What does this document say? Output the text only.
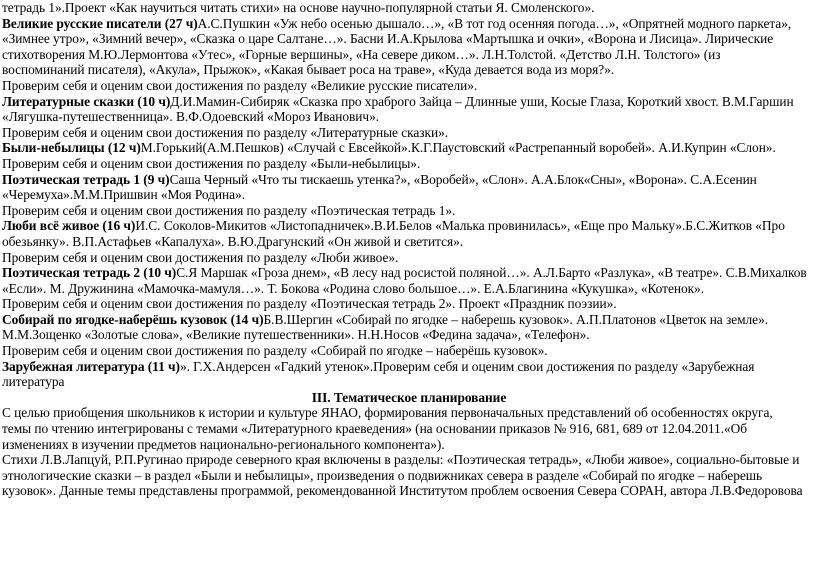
тетрадь 1».Проект «Как научиться читать стихи» на основе научно-популярной статьи Я. Смоленского».
Великие русские писатели (27 ч)А.С.Пушкин «Уж небо осенью дышало…», «В тот год осенняя погода…», «Опрятней модного паркета»,
«Зимнее утро», «Зимний вечер», «Сказка о царе Салтане…». Басни И.А.Крылова «Мартышка и очки», «Ворона и Лисица». Лирические
стихотворения М.Ю.Лермонтова «Утес», «Горные вершины», «На севере диком…». Л.Н.Толстой. «Детство Л.Н. Толстого» (из
воспоминаний писателя), «Акула», Прыжок», «Какая бывает роса на траве», «Куда девается вода из моря?».
Проверим себя и оценим свои достижения по разделу «Великие русские писатели».
Литературные сказки (10 ч)Д.И.Мамин-Сибиряк «Сказка про храброго Зайца – Длинные уши, Косые Глаза, Короткий хвост. В.М.Гаршин
«Лягушка-путешественница». В.Ф.Одоевский «Мороз Иванович».
Проверим себя и оценим свои достижения по разделу «Литературные сказки».
Были-небылицы (12 ч)М.Горький(А.М.Пешков) «Случай с Евсейкой».К.Г.Паустовский «Растрепанный воробей». А.И.Куприн «Слон».
Проверим себя и оценим свои достижения по разделу «Были-небылицы».
Поэтическая тетрадь 1 (9 ч)Саша Черный «Что ты тискаешь утенка?», «Воробей», «Слон». А.А.Блок«Сны», «Ворона». С.А.Есенин
«Черемуха».М.М.Пришвин «Моя Родина».
Проверим себя и оценим свои достижения по разделу «Поэтическая тетрадь 1».
Люби всё живое (16 ч)И.С. Соколов-Микитов «Листопадничек».В.И.Белов «Малька провинилась», «Еще про Мальку».Б.С.Житков «Про
обезьянку». В.П.Астафьев «Капалуха». В.Ю.Драгунский «Он живой и светится».
Проверим себя и оценим свои достижения по разделу «Люби живое».
Поэтическая тетрадь 2 (10 ч)С.Я Маршак «Гроза днем», «В лесу над росистой поляной…». А.Л.Барто «Разлука», «В театре». С.В.Михалков
«Если». М. Дружинина «Мамочка-мамуля…». Т. Бокова «Родина слово большое…». Е.А.Благинина «Кукушка», «Котенок».
Проверим себя и оценим свои достижения по разделу «Поэтическая тетрадь 2». Проект «Праздник поэзии».
Собирай по ягодке-наберёшь кузовок (14 ч)Б.В.Шергин «Собирай по ягодке – наберешь кузовок». А.П.Платонов «Цветок на земле».
М.М.Зощенко «Золотые слова», «Великие путешественники». Н.Н.Носов «Федина задача», «Телефон».
Проверим себя и оценим свои достижения по разделу «Собирай по ягодке – наберёшь кузовок».
Зарубежная литература (11 ч)». Г.Х.Андерсен «Гадкий утенок».Проверим себя и оценим свои достижения по разделу «Зарубежная
литература
III. Тематическое планирование
С целью приобщения школьников к истории и культуре ЯНАО, формирования первоначальных представлений об особенностях округа,
темы по чтению интегрированы с темами «Литературного краеведения» (на основании приказов № 916, 681, 689 от 12.04.2011.«Об
изменениях в изучении предметов национально-регионального компонента»).
Стихи Л.В.Лапцуй, Р.П.Ругинао природе северного края включены в разделы: «Поэтическая тетрадь», «Люби живое», социально-бытовые и
этнологические сказки – в раздел «Были и небылицы», произведения о подвижниках севера в разделе «Собирай по ягодке – наберешь
кузовок». Данные темы представлены программой, рекомендованной Институтом проблем освоения Севера СОРАН, автора Л.В.Федоровова
